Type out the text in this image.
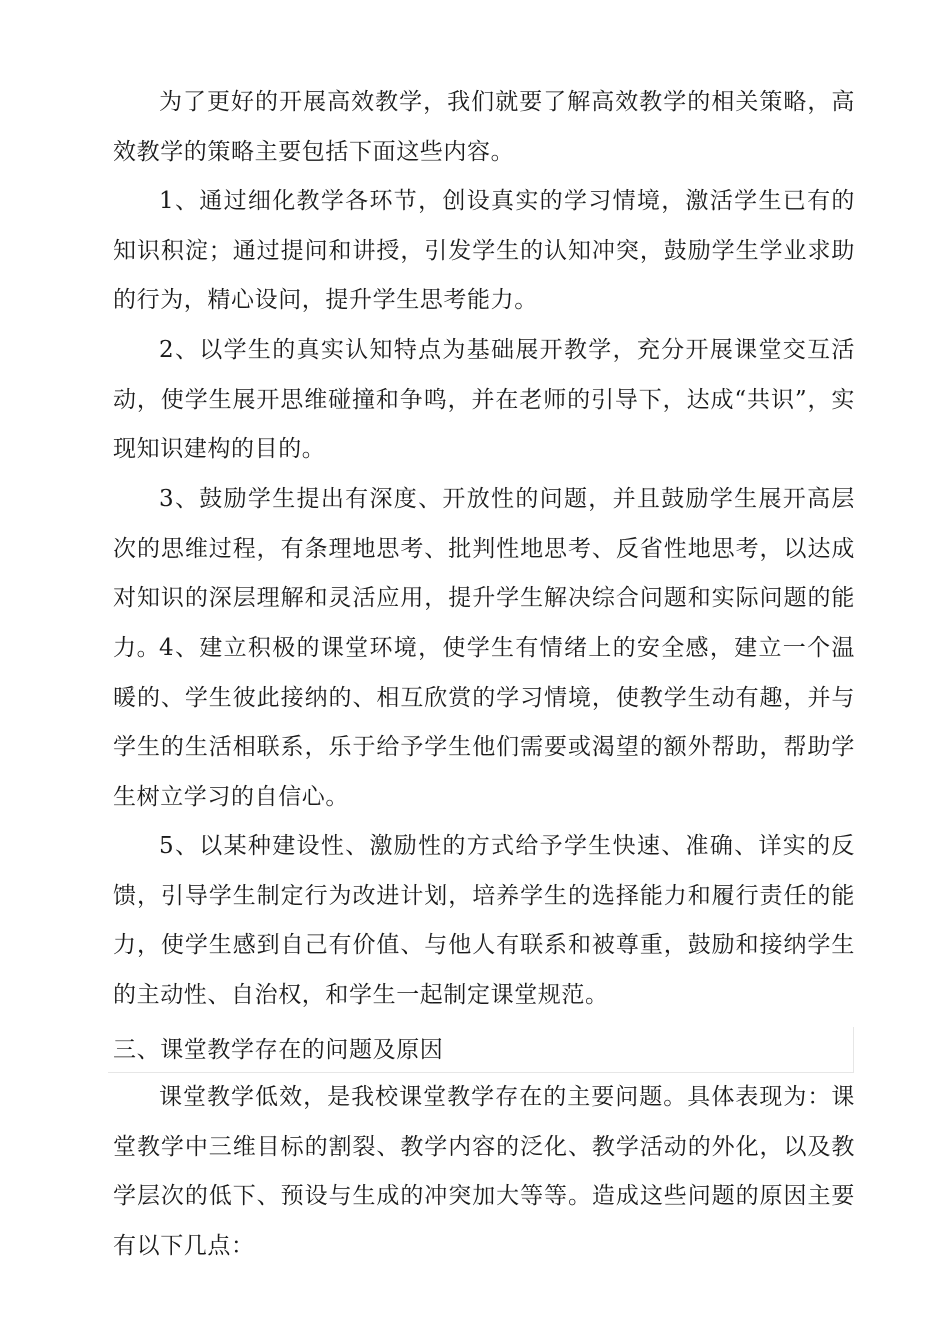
为了更好的开展高效教学，我们就要了解高效教学的相关策略，高效教学的策略主要包括下面这些内容。

1、通过细化教学各环节，创设真实的学习情境，激活学生已有的知识积淀；通过提问和讲授，引发学生的认知冲突，鼓励学生学业求助的行为，精心设问，提升学生思考能力。

2、以学生的真实认知特点为基础展开教学，充分开展课堂交互活动，使学生展开思维碰撞和争鸣，并在老师的引导下，达成“共识”，实现知识建构的目的。

3、鼓励学生提出有深度、开放性的问题，并且鼓励学生展开高层次的思维过程，有条理地思考、批判性地思考、反省性地思考，以达成对知识的深层理解和灵活应用，提升学生解决综合问题和实际问题的能力。

4、建立积极的课堂环境，使学生有情绪上的安全感，建立一个温暖的、学生彼此接纳的、相互欣赏的学习情境，使教学生动有趣，并与学生的生活相联系，乐于给予学生他们需要或渴望的额外帮助，帮助学生树立学习的自信心。

5、以某种建设性、激励性的方式给予学生快速、准确、详实的反馈，引导学生制定行为改进计划，培养学生的选择能力和履行责任的能力，使学生感到自己有价值、与他人有联系和被尊重，鼓励和接纳学生的主动性、自治权，和学生一起制定课堂规范。

三、课堂教学存在的问题及原因

课堂教学低效，是我校课堂教学存在的主要问题。具体表现为：课堂教学中三维目标的割裂、教学内容的泛化、教学活动的外化，以及教学层次的低下、预设与生成的冲突加大等等。造成这些问题的原因主要有以下几点：
